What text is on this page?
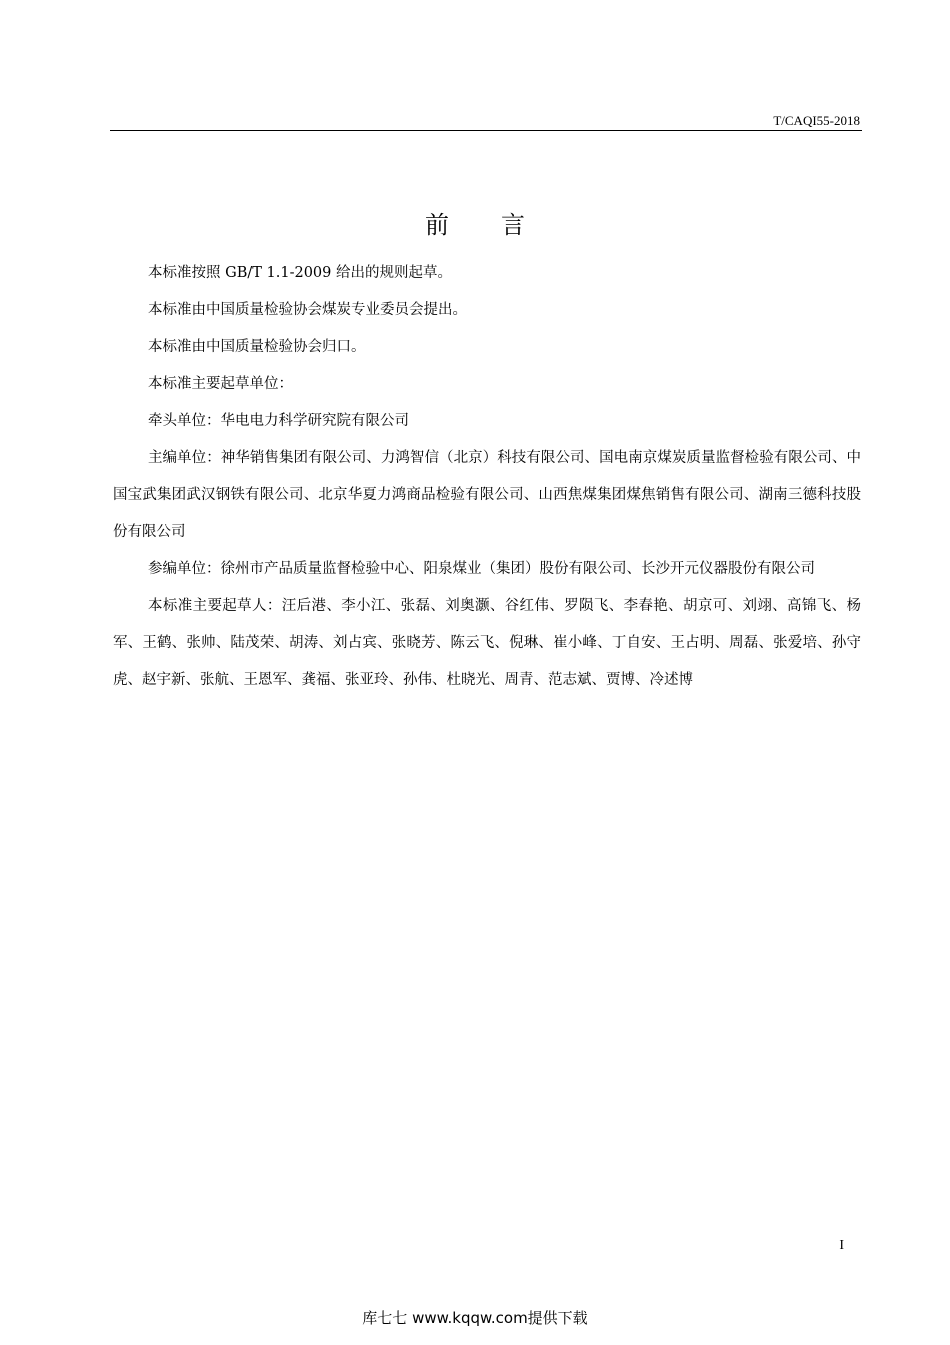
T/CAQI55-2018
前言

本标准按照 GB/T 1.1-2009 给出的规则起草。

本标准由中国质量检验协会煤炭专业委员会提出。

本标准由中国质量检验协会归口。

本标准主要起草单位：

牵头单位：华电电力科学研究院有限公司

主编单位：神华销售集团有限公司、力鸿智信（北京）科技有限公司、国电南京煤炭质量监督检验有限公司、中国宝武集团武汉钢铁有限公司、北京华夏力鸿商品检验有限公司、山西焦煤集团煤焦销售有限公司、湖南三德科技股份有限公司

参编单位：徐州市产品质量监督检验中心、阳泉煤业（集团）股份有限公司、长沙开元仪器股份有限公司

本标准主要起草人：汪后港、李小江、张磊、刘奥灏、谷红伟、罗陨飞、李春艳、胡京可、刘翊、高锦飞、杨军、王鹤、张帅、陆茂荣、胡涛、刘占宾、张晓芳、陈云飞、倪琳、崔小峰、丁自安、王占明、周磊、张爱培、孙守虎、赵宇新、张航、王恩军、龚福、张亚玲、孙伟、杜晓光、周青、范志斌、贾博、冷述博

I
库七七 www.kqqw.com提供下载
